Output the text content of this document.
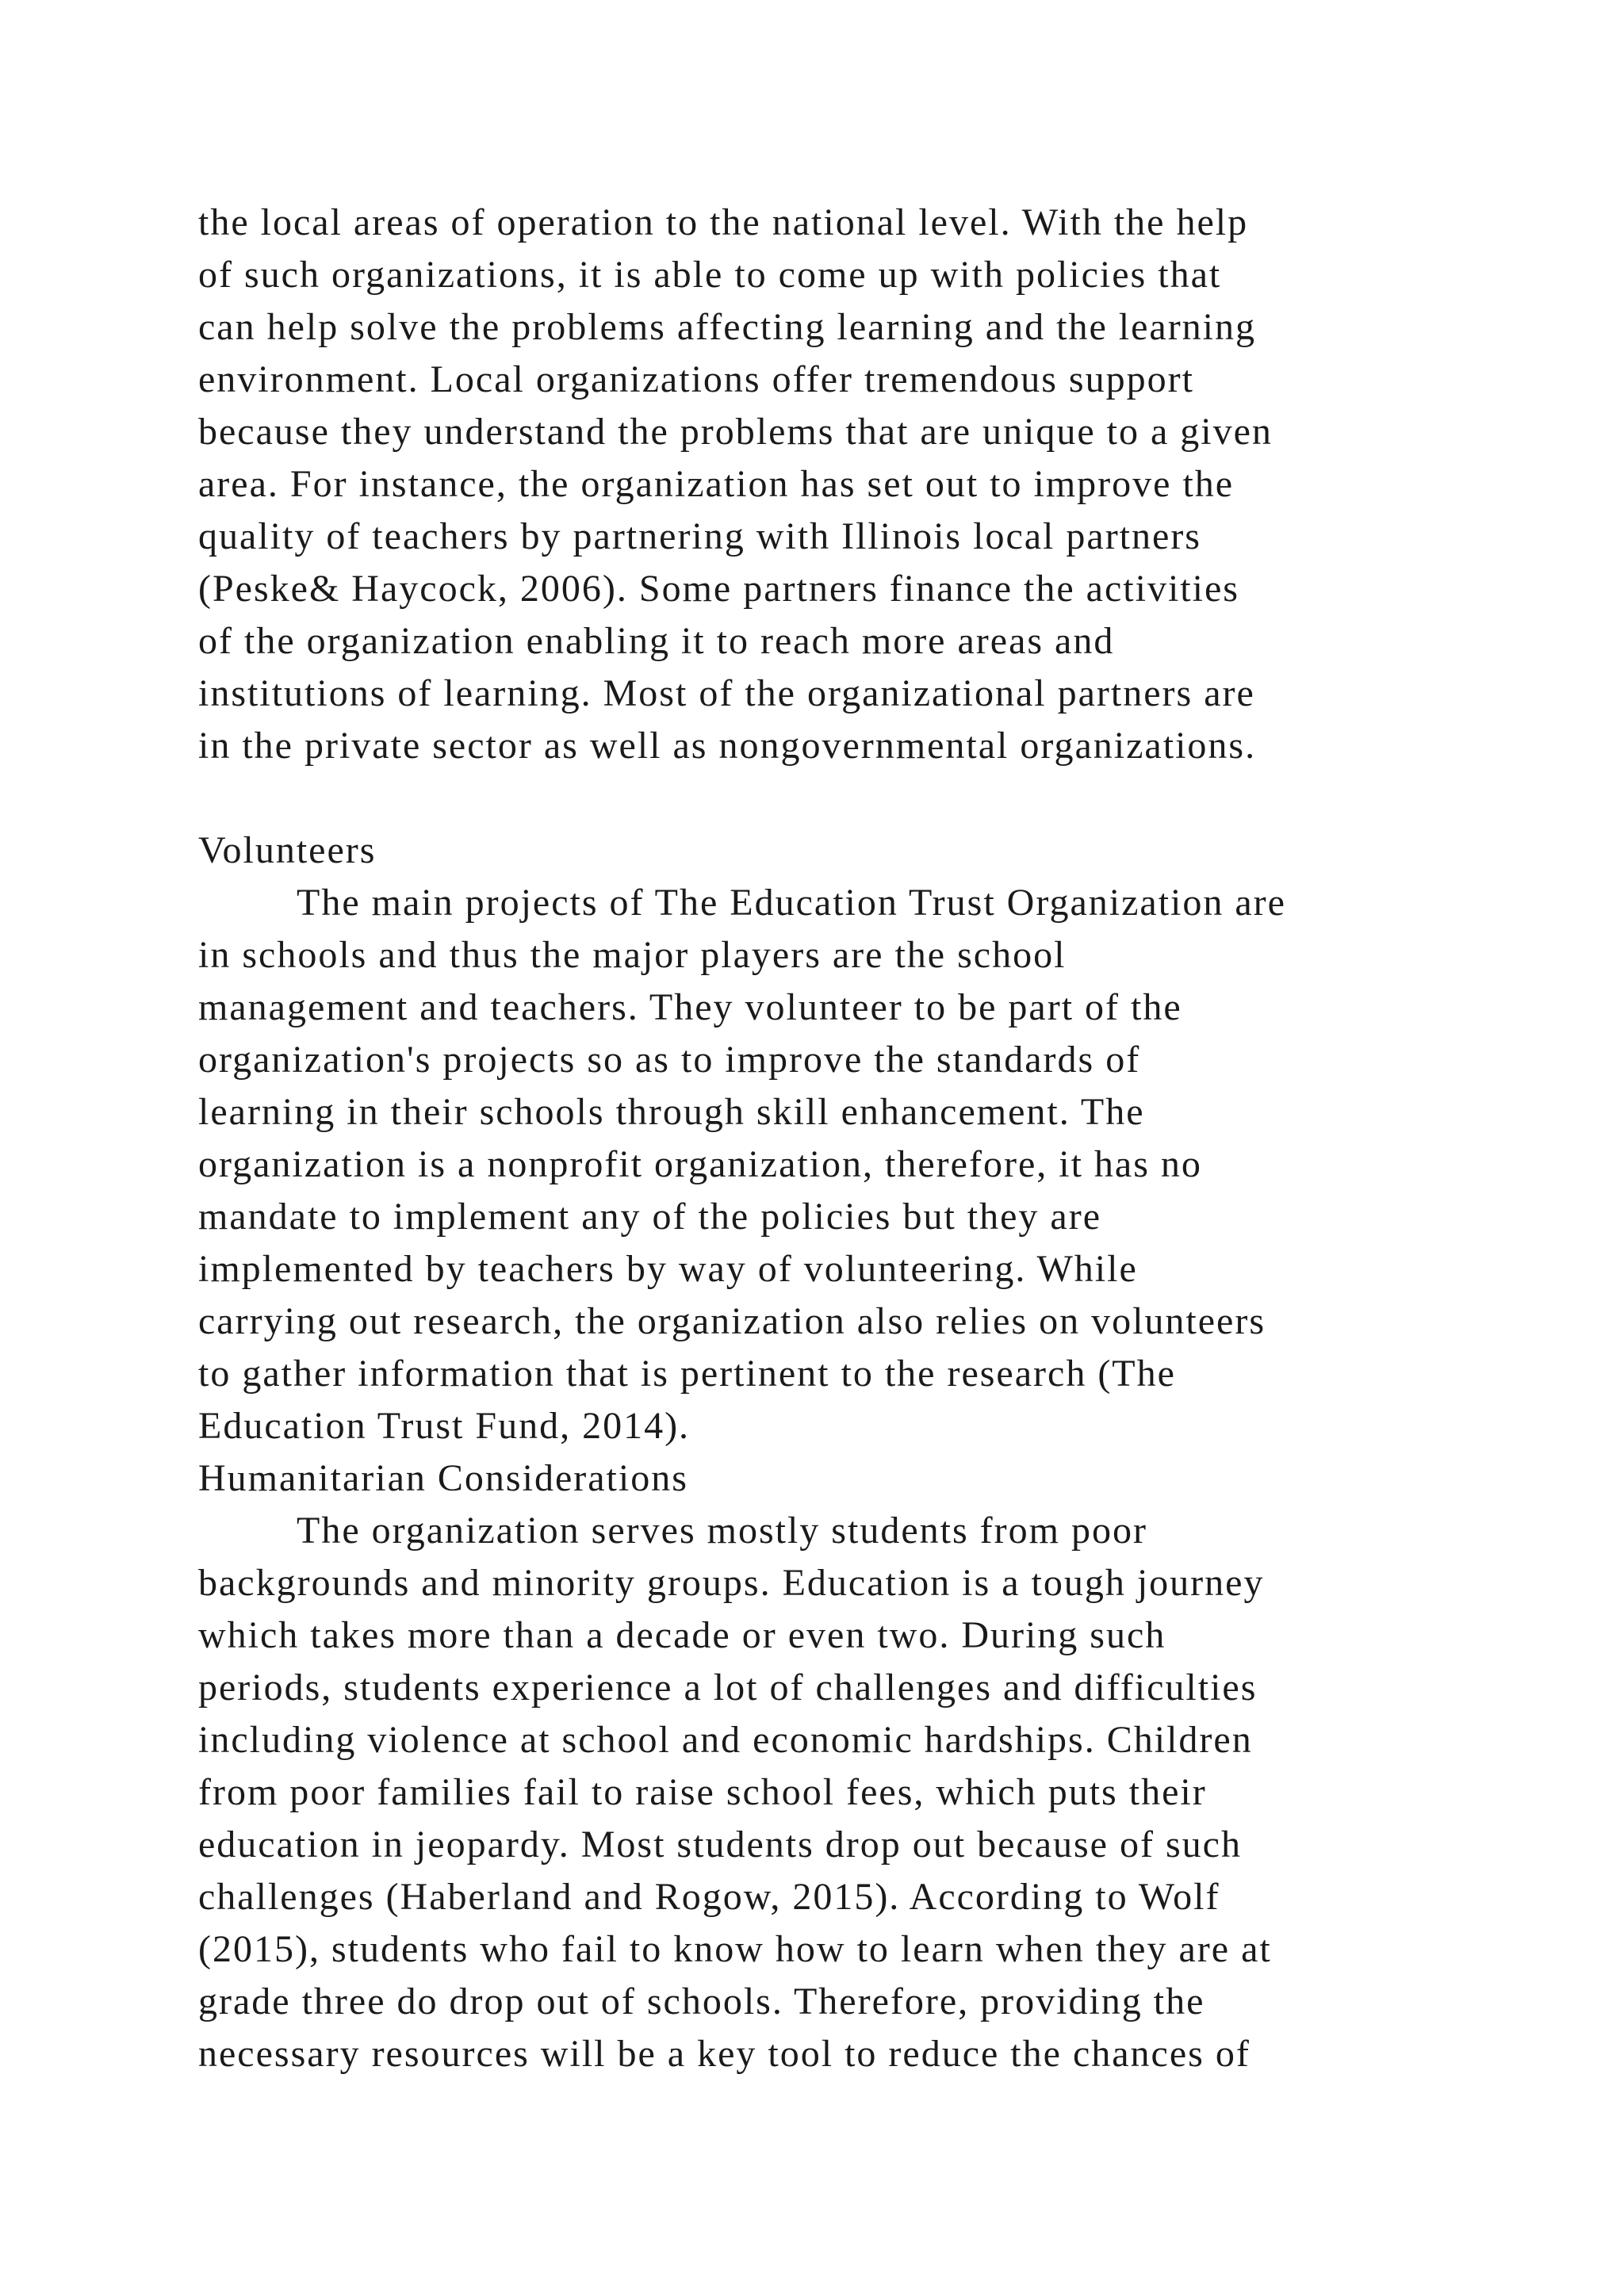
the local areas of operation to the national level. With the help
of such organizations, it is able to come up with policies that
can help solve the problems affecting learning and the learning
environment. Local organizations offer tremendous support
because they understand the problems that are unique to a given
area. For instance, the organization has set out to improve the
quality of teachers by partnering with Illinois local partners
(Peske& Haycock, 2006). Some partners finance the activities
of the organization enabling it to reach more areas and
institutions of learning. Most of the organizational partners are
in the private sector as well as nongovernmental organizations.
Volunteers
The main projects of The Education Trust Organization are
in schools and thus the major players are the school
management and teachers. They volunteer to be part of the
organization's projects so as to improve the standards of
learning in their schools through skill enhancement. The
organization is a nonprofit organization, therefore, it has no
mandate to implement any of the policies but they are
implemented by teachers by way of volunteering. While
carrying out research, the organization also relies on volunteers
to gather information that is pertinent to the research (The
Education Trust Fund, 2014).
Humanitarian Considerations
The organization serves mostly students from poor
backgrounds and minority groups. Education is a tough journey
which takes more than a decade or even two. During such
periods, students experience a lot of challenges and difficulties
including violence at school and economic hardships. Children
from poor families fail to raise school fees, which puts their
education in jeopardy. Most students drop out because of such
challenges (Haberland and Rogow, 2015). According to Wolf
(2015), students who fail to know how to learn when they are at
grade three do drop out of schools. Therefore, providing the
necessary resources will be a key tool to reduce the chances of
